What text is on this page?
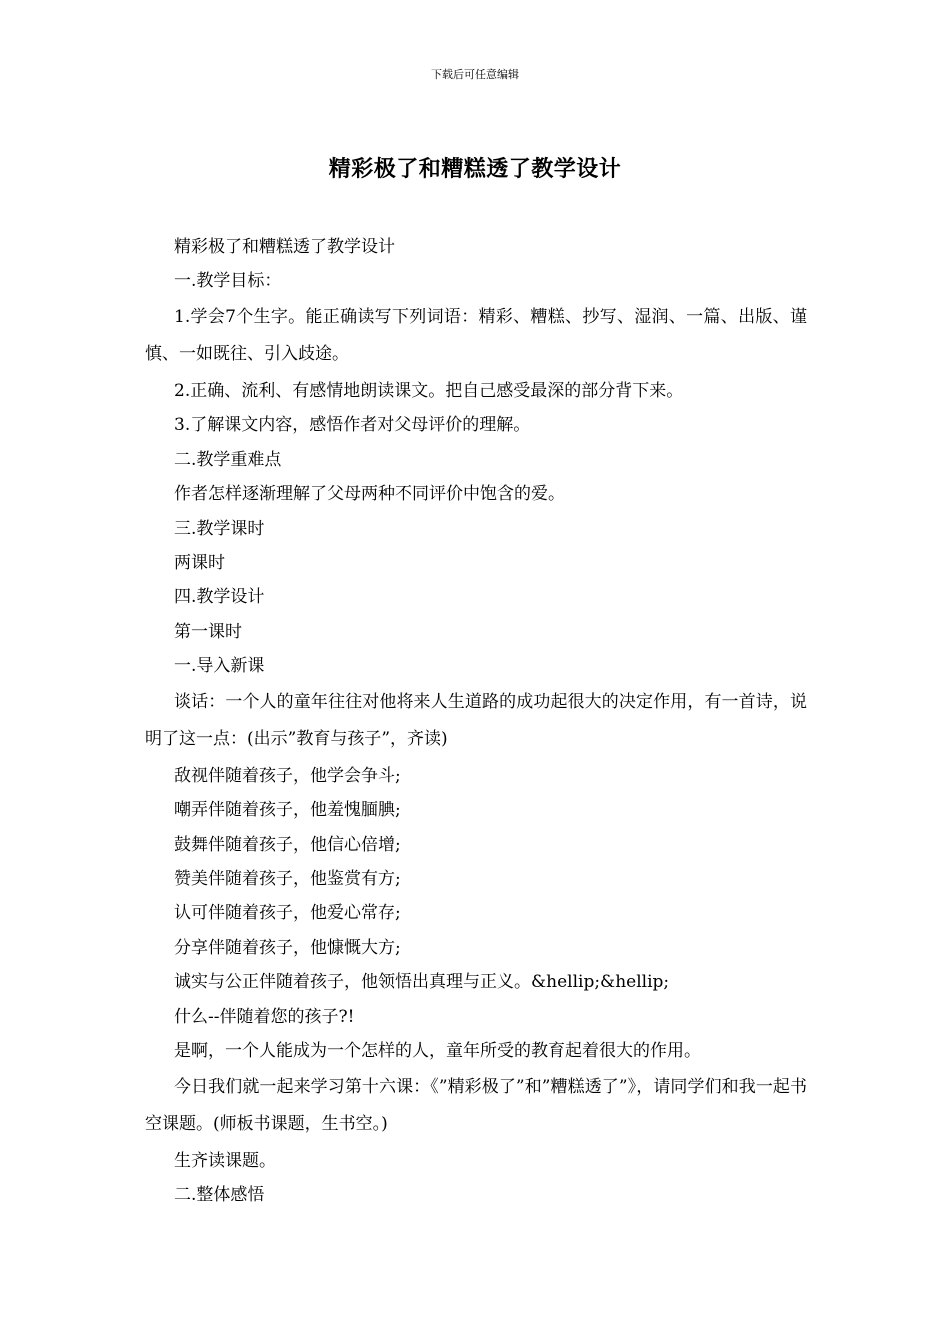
下载后可任意编辑
精彩极了和糟糕透了教学设计
精彩极了和糟糕透了教学设计
一.教学目标：
1.学会7个生字。能正确读写下列词语：精彩、糟糕、抄写、湿润、一篇、出版、谨慎、一如既往、引入歧途。
2.正确、流利、有感情地朗读课文。把自己感受最深的部分背下来。
3.了解课文内容，感悟作者对父母评价的理解。
二.教学重难点
作者怎样逐渐理解了父母两种不同评价中饱含的爱。
三.教学课时
两课时
四.教学设计
第一课时
一.导入新课
谈话：一个人的童年往往对他将来人生道路的成功起很大的决定作用，有一首诗，说明了这一点：(出示”教育与孩子”，齐读)
敌视伴随着孩子，他学会争斗;
嘲弄伴随着孩子，他羞愧腼腆;
鼓舞伴随着孩子，他信心倍增;
赞美伴随着孩子，他鉴赏有方;
认可伴随着孩子，他爱心常存;
分享伴随着孩子，他慷慨大方;
诚实与公正伴随着孩子，他领悟出真理与正义。&hellip;&hellip;
什么--伴随着您的孩子?!
是啊，一个人能成为一个怎样的人，童年所受的教育起着很大的作用。
今日我们就一起来学习第十六课：《”精彩极了”和”糟糕透了”》，请同学们和我一起书空课题。(师板书课题，生书空。)
生齐读课题。
二.整体感悟
